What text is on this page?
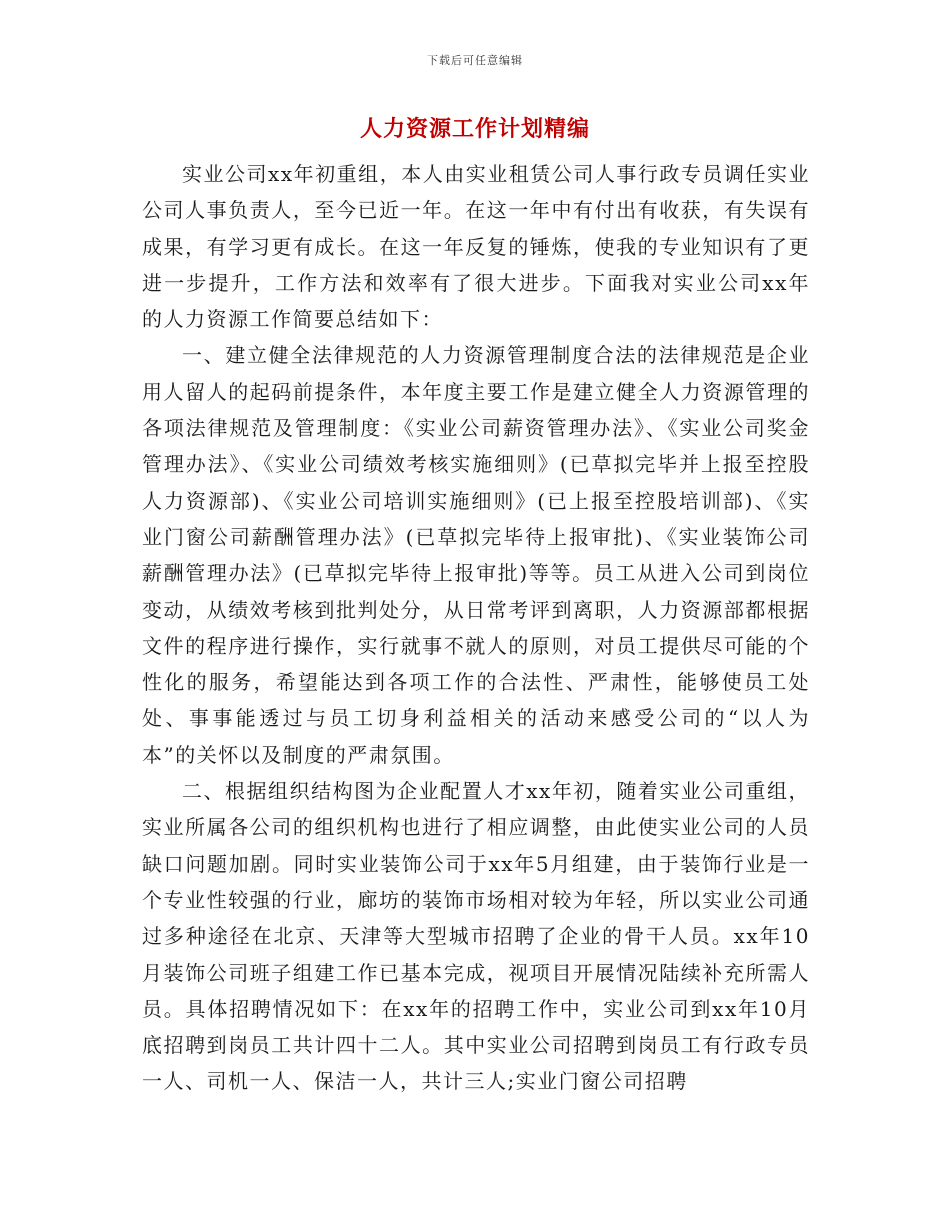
下载后可任意编辑
人力资源工作计划精编

实业公司xx年初重组，本人由实业租赁公司人事行政专员调任实业公司人事负责人，至今已近一年。在这一年中有付出有收获，有失误有成果，有学习更有成长。在这一年反复的锤炼，使我的专业知识有了更进一步提升，工作方法和效率有了很大进步。下面我对实业公司xx年的人力资源工作简要总结如下：

一、建立健全法律规范的人力资源管理制度合法的法律规范是企业用人留人的起码前提条件，本年度主要工作是建立健全人力资源管理的各项法律规范及管理制度：《实业公司薪资管理办法》、《实业公司奖金管理办法》、《实业公司绩效考核实施细则》(已草拟完毕并上报至控股人力资源部)、《实业公司培训实施细则》(已上报至控股培训部)、《实业门窗公司薪酬管理办法》(已草拟完毕待上报审批)、《实业装饰公司薪酬管理办法》(已草拟完毕待上报审批)等等。员工从进入公司到岗位变动，从绩效考核到批判处分，从日常考评到离职，人力资源部都根据文件的程序进行操作，实行就事不就人的原则，对员工提供尽可能的个性化的服务，希望能达到各项工作的合法性、严肃性，能够使员工处处、事事能透过与员工切身利益相关的活动来感受公司的“以人为本”的关怀以及制度的严肃氛围。

二、根据组织结构图为企业配置人才xx年初，随着实业公司重组，实业所属各公司的组织机构也进行了相应调整，由此使实业公司的人员缺口问题加剧。同时实业装饰公司于xx年5月组建，由于装饰行业是一个专业性较强的行业，廊坊的装饰市场相对较为年轻，所以实业公司通过多种途径在北京、天津等大型城市招聘了企业的骨干人员。xx年10月装饰公司班子组建工作已基本完成，视项目开展情况陆续补充所需人员。具体招聘情况如下：在xx年的招聘工作中，实业公司到xx年10月底招聘到岗员工共计四十二人。其中实业公司招聘到岗员工有行政专员一人、司机一人、保洁一人，共计三人;实业门窗公司招聘
